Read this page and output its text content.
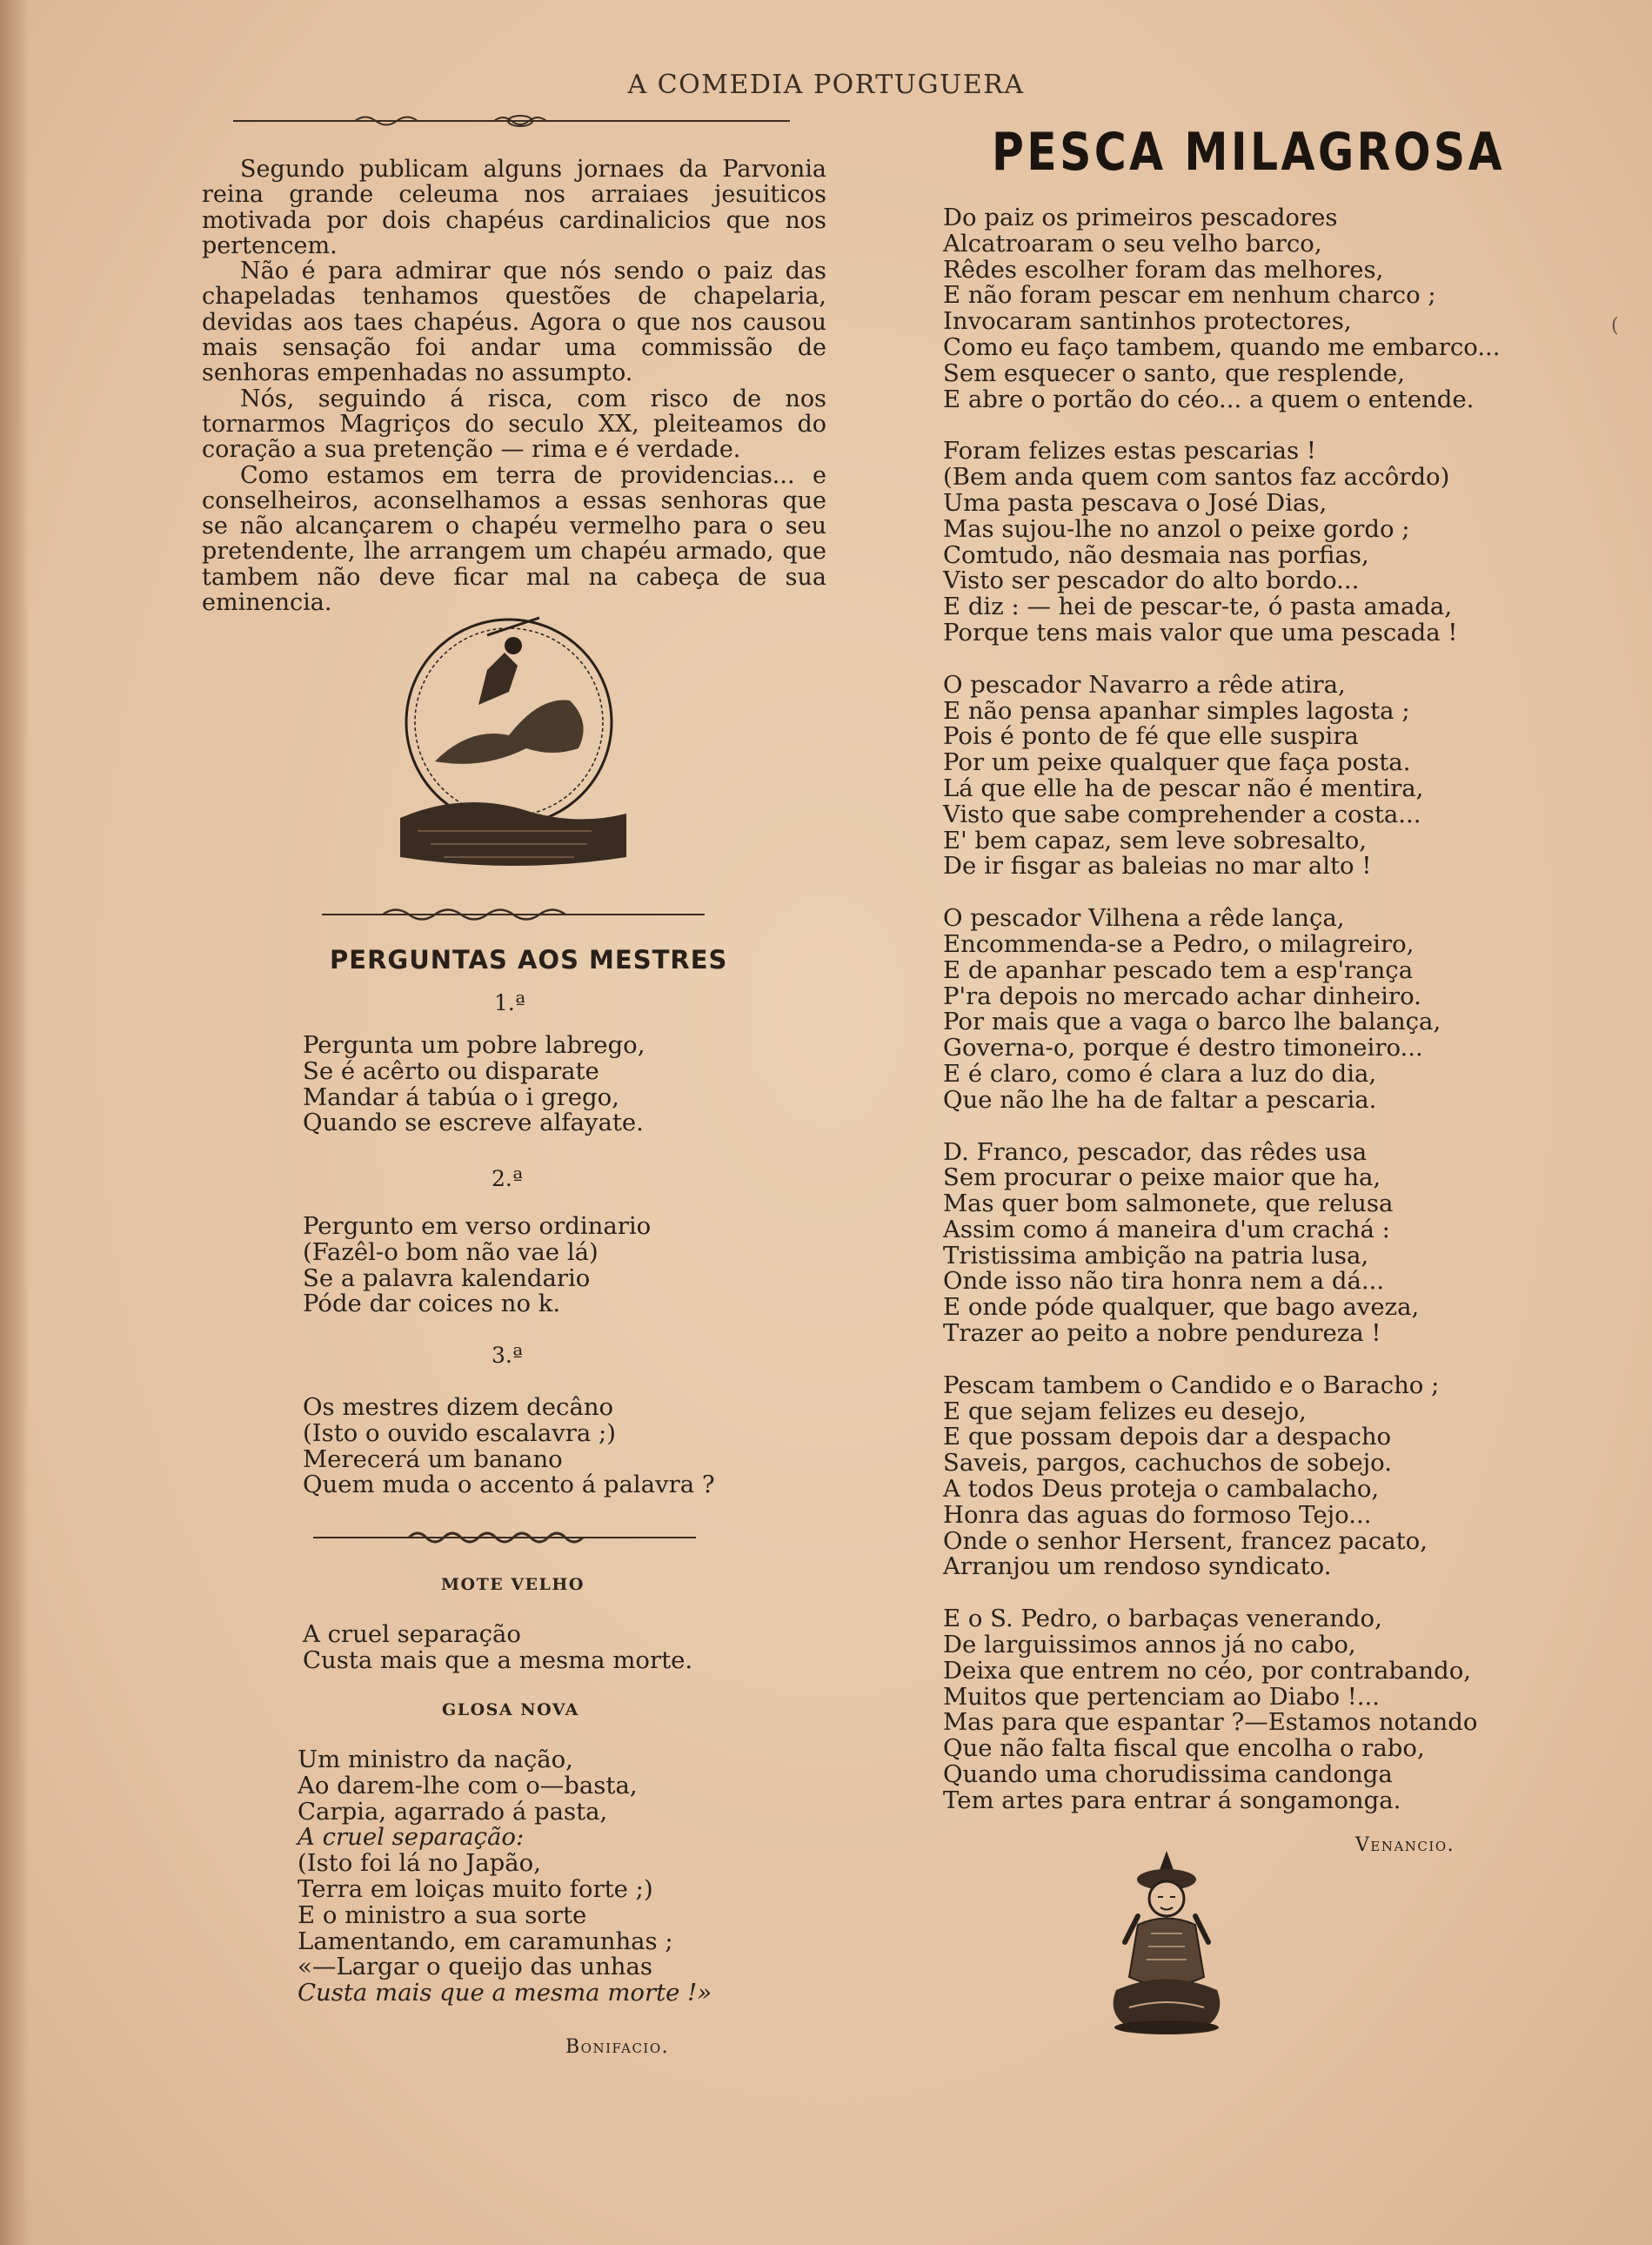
A COMEDIA PORTUGUERA

Segundo publicam alguns jornaes da Parvonia reina grande celeuma nos arraiaes jesuiticos motivada por dois chapéus cardinalicios que nos pertencem.

Não é para admirar que nós sendo o paiz das chapeladas tenhamos questões de chapelaria, devidas aos taes chapéus. Agora o que nos causou mais sensação foi andar uma commissão de senhoras empenhadas no assumpto.

Nós, seguindo á risca, com risco de nos tornarmos Magriços do seculo XX, pleiteamos do coração a sua pretenção — rima e é verdade.

Como estamos em terra de providencias... e conselheiros, aconselhamos a essas senhoras que se não alcançarem o chapéu vermelho para o seu pretendente, lhe arrangem um chapéu armado, que tambem não deve ficar mal na cabeça de sua eminencia.

PERGUNTAS AOS MESTRES
1.ª
Pergunta um pobre labrego,
Se é acêrto ou disparate
Mandar á tabúa o i grego,
Quando se escreve alfayate.
2.ª
Pergunto em verso ordinario
(Fazêl-o bom não vae lá)
Se a palavra kalendario
Póde dar coices no k.
3.ª
Os mestres dizem decâno
(Isto o ouvido escalavra ;)
Merecerá um banano
Quem muda o accento á palavra ?
MOTE VELHO
A cruel separação
Custa mais que a mesma morte.
GLOSA NOVA
Um ministro da nação,
Ao darem-lhe com o—basta,
Carpia, agarrado á pasta,
A cruel separação:
(Isto foi lá no Japão,
Terra em loiças muito forte ;)
E o ministro a sua sorte
Lamentando, em caramunhas ;
«—Largar o queijo das unhas
Custa mais que a mesma morte !»
Bonifacio.
PESCA MILAGROSA
Do paiz os primeiros pescadores
Alcatroaram o seu velho barco,
Rêdes escolher foram das melhores,
E não foram pescar em nenhum charco ;
Invocaram santinhos protectores,
Como eu faço tambem, quando me embarco...
Sem esquecer o santo, que resplende,
E abre o portão do céo... a quem o entende.
Foram felizes estas pescarias !
(Bem anda quem com santos faz accôrdo)
Uma pasta pescava o José Dias,
Mas sujou-lhe no anzol o peixe gordo ;
Comtudo, não desmaia nas porfias,
Visto ser pescador do alto bordo...
E diz : — hei de pescar-te, ó pasta amada,
Porque tens mais valor que uma pescada !
O pescador Navarro a rêde atira,
E não pensa apanhar simples lagosta ;
Pois é ponto de fé que elle suspira
Por um peixe qualquer que faça posta.
Lá que elle ha de pescar não é mentira,
Visto que sabe comprehender a costa...
E' bem capaz, sem leve sobresalto,
De ir fisgar as baleias no mar alto !
O pescador Vilhena a rêde lança,
Encommenda-se a Pedro, o milagreiro,
E de apanhar pescado tem a esp'rança
P'ra depois no mercado achar dinheiro.
Por mais que a vaga o barco lhe balança,
Governa-o, porque é destro timoneiro...
E é claro, como é clara a luz do dia,
Que não lhe ha de faltar a pescaria.
D. Franco, pescador, das rêdes usa
Sem procurar o peixe maior que ha,
Mas quer bom salmonete, que relusa
Assim como á maneira d'um crachá :
Tristissima ambição na patria lusa,
Onde isso não tira honra nem a dá...
E onde póde qualquer, que bago aveza,
Trazer ao peito a nobre pendureza !
Pescam tambem o Candido e o Baracho ;
E que sejam felizes eu desejo,
E que possam depois dar a despacho
Saveis, pargos, cachuchos de sobejo.
A todos Deus proteja o cambalacho,
Honra das aguas do formoso Tejo...
Onde o senhor Hersent, francez pacato,
Arranjou um rendoso syndicato.
E o S. Pedro, o barbaças venerando,
De larguissimos annos já no cabo,
Deixa que entrem no céo, por contrabando,
Muitos que pertenciam ao Diabo !...
Mas para que espantar ?—Estamos notando
Que não falta fiscal que encolha o rabo,
Quando uma chorudissima candonga
Tem artes para entrar á songamonga.
Venancio.
(
